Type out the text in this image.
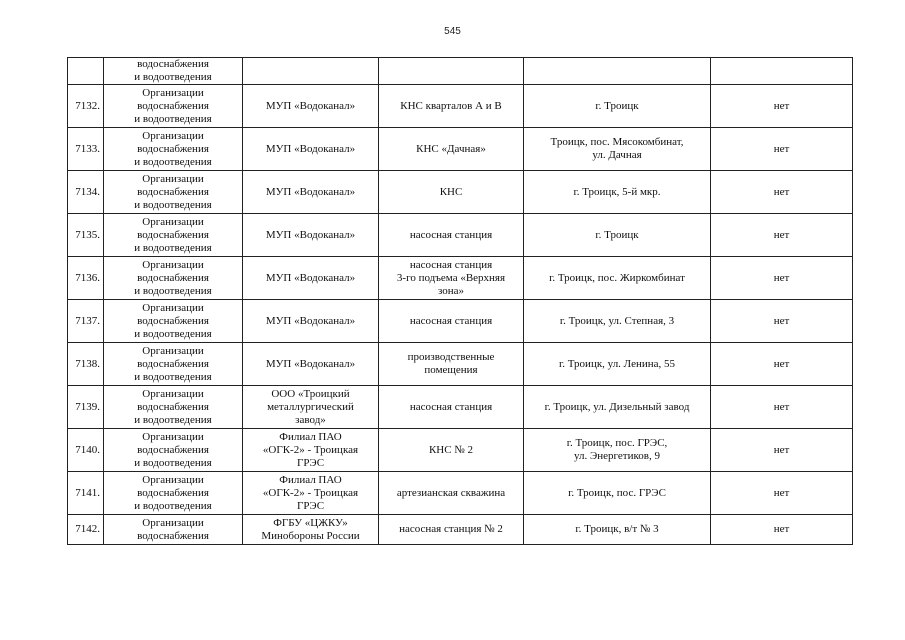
545

	водоснабжения
и водоотведения				

7132.	Организации
водоснабжения
и водоотведения	МУП «Водоканал»	КНС кварталов А и В	г. Троицк	нет
7133.	Организации
водоснабжения
и водоотведения	МУП «Водоканал»	КНС «Дачная»	Троицк, пос. Мясокомбинат,
ул. Дачная	нет
7134.	Организации
водоснабжения
и водоотведения	МУП «Водоканал»	КНС	г. Троицк, 5-й мкр.	нет
7135.	Организации
водоснабжения
и водоотведения	МУП «Водоканал»	насосная станция	г. Троицк	нет
7136.	Организации
водоснабжения
и водоотведения	МУП «Водоканал»	насосная станция
3-го подъема «Верхняя
зона»	г. Троицк, пос. Жиркомбинат	нет
7137.	Организации
водоснабжения
и водоотведения	МУП «Водоканал»	насосная станция	г. Троицк, ул. Степная, 3	нет
7138.	Организации
водоснабжения
и водоотведения	МУП «Водоканал»	производственные
помещения	г. Троицк, ул. Ленина, 55	нет
7139.	Организации
водоснабжения
и водоотведения	ООО «Троицкий
металлургический
завод»	насосная станция	г. Троицк, ул. Дизельный завод	нет
7140.	Организации
водоснабжения
и водоотведения	Филиал ПАО
«ОГК-2» - Троицкая
ГРЭС	КНС № 2	г. Троицк, пос. ГРЭС,
ул. Энергетиков, 9	нет
7141.	Организации
водоснабжения
и водоотведения	Филиал ПАО
«ОГК-2» - Троицкая
ГРЭС	артезианская скважина	г. Троицк, пос. ГРЭС	нет
7142.	Организации
водоснабжения	ФГБУ «ЦЖКУ»
Минобороны России	насосная станция № 2	г. Троицк, в/т № 3	нет
